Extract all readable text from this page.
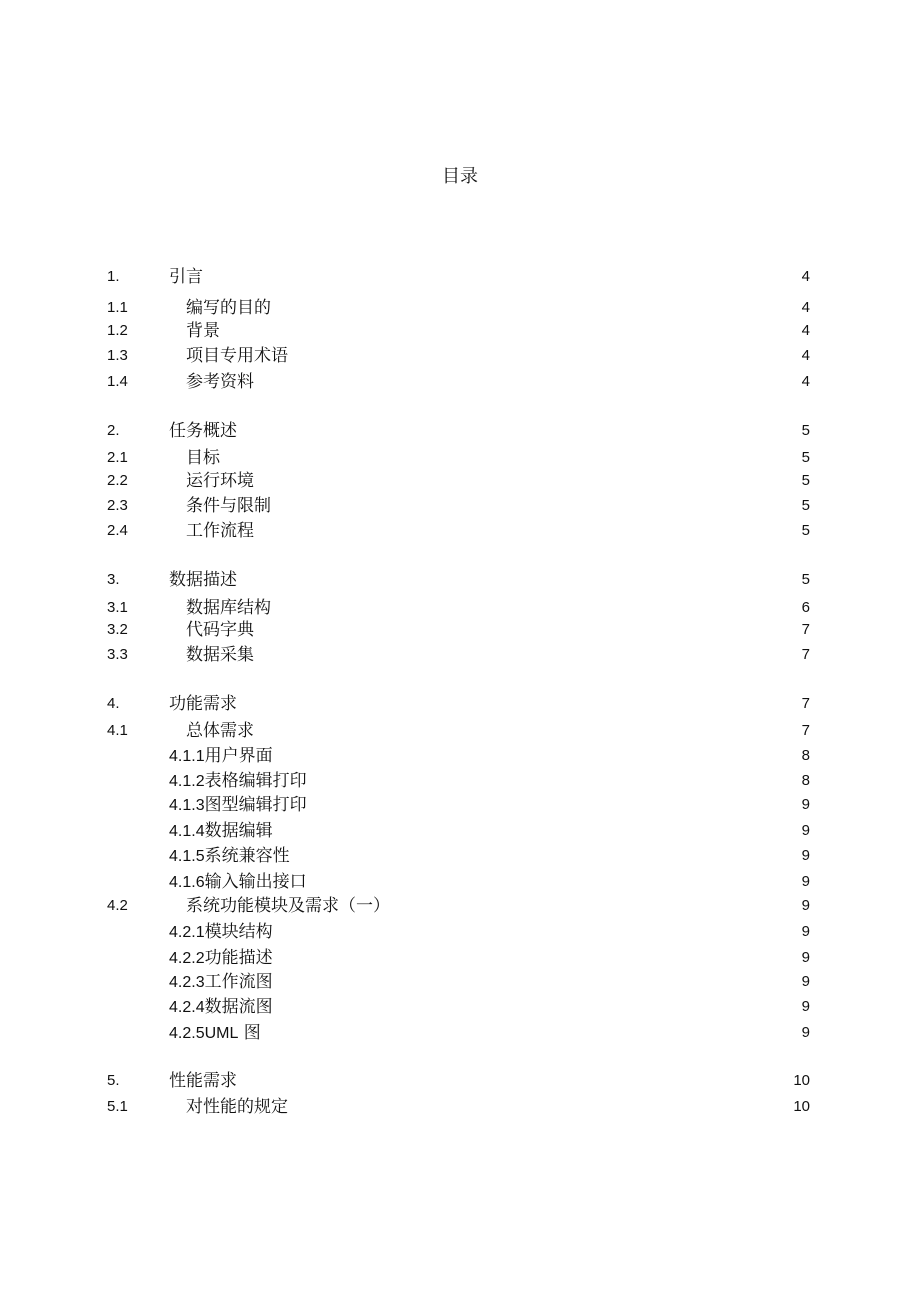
目录
1.	引言	4
1.1	编写的目的	4
1.2	背景	4
1.3	项目专用术语	4
1.4	参考资料	4
2.	任务概述	5
2.1	目标	5
2.2	运行环境	5
2.3	条件与限制	5
2.4	工作流程	5
3.	数据描述	5
3.1	数据库结构	6
3.2	代码字典	7
3.3	数据采集	7
4.	功能需求	7
4.1	总体需求	7
4.1.1用户界面	8
4.1.2表格编辑打印	8
4.1.3图型编辑打印	9
4.1.4数据编辑	9
4.1.5系统兼容性	9
4.1.6输入输出接口	9
4.2	系统功能模块及需求（一）	9
4.2.1模块结构	9
4.2.2功能描述	9
4.2.3工作流图	9
4.2.4数据流图	9
4.2.5UML 图	9
5.	性能需求	10
5.1	对性能的规定	10
